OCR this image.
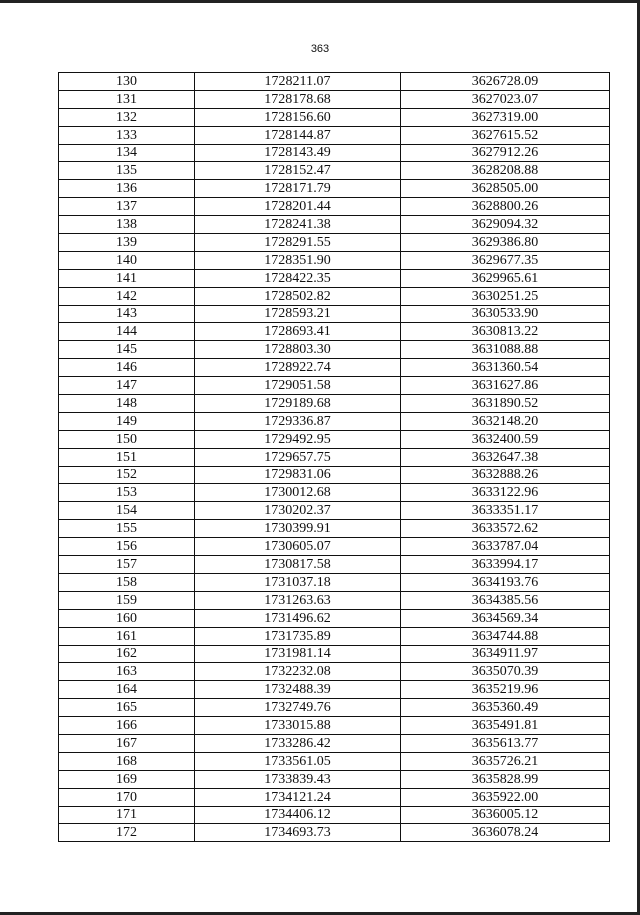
363
130	1728211.07	3626728.09
131	1728178.68	3627023.07
132	1728156.60	3627319.00
133	1728144.87	3627615.52
134	1728143.49	3627912.26
135	1728152.47	3628208.88
136	1728171.79	3628505.00
137	1728201.44	3628800.26
138	1728241.38	3629094.32
139	1728291.55	3629386.80
140	1728351.90	3629677.35
141	1728422.35	3629965.61
142	1728502.82	3630251.25
143	1728593.21	3630533.90
144	1728693.41	3630813.22
145	1728803.30	3631088.88
146	1728922.74	3631360.54
147	1729051.58	3631627.86
148	1729189.68	3631890.52
149	1729336.87	3632148.20
150	1729492.95	3632400.59
151	1729657.75	3632647.38
152	1729831.06	3632888.26
153	1730012.68	3633122.96
154	1730202.37	3633351.17
155	1730399.91	3633572.62
156	1730605.07	3633787.04
157	1730817.58	3633994.17
158	1731037.18	3634193.76
159	1731263.63	3634385.56
160	1731496.62	3634569.34
161	1731735.89	3634744.88
162	1731981.14	3634911.97
163	1732232.08	3635070.39
164	1732488.39	3635219.96
165	1732749.76	3635360.49
166	1733015.88	3635491.81
167	1733286.42	3635613.77
168	1733561.05	3635726.21
169	1733839.43	3635828.99
170	1734121.24	3635922.00
171	1734406.12	3636005.12
172	1734693.73	3636078.24
